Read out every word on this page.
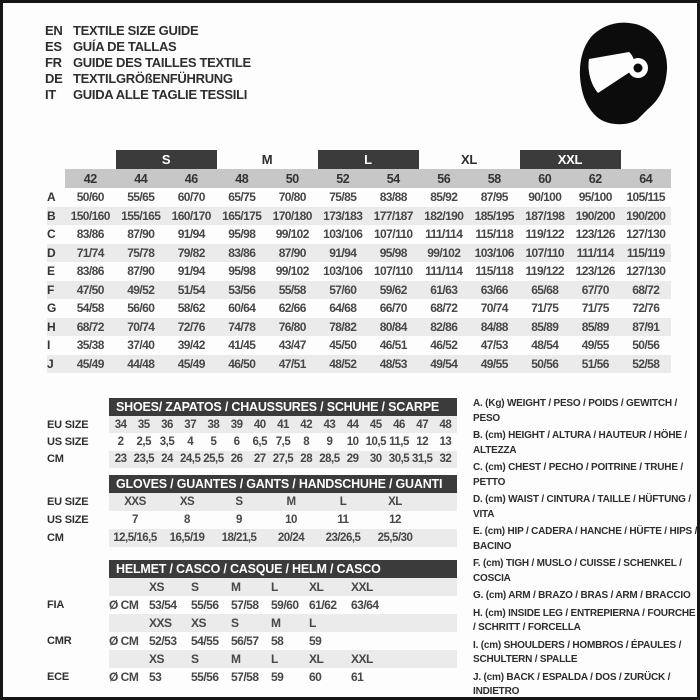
EN TEXTILE SIZE GUIDE
ES GUÍA DE TALLAS
FR GUIDE DES TAILLES TEXTILE
DE TEXTILGRÖßENFÜHRUNG
IT	GUIDA ALLE TAGLIE TESSILI
S	M	L	XL	XXL
42	44	46	48	50	52	54	56	58	60	62	64
A	50/60	55/65	60/70	65/75	70/80	75/85	83/88	85/92	87/95	90/100	95/100	105/115
B	150/160 155/165 160/170 165/175 170/180 173/183 177/187 182/190 185/195 187/198 190/200 190/200
C	83/86	87/90	91/94	95/98	99/102	103/106 107/110	111/114	115/118	119/122 123/126 127/130
D	71/74	75/78	79/82	83/86	87/90	91/94	95/98	99/102	103/106 107/110	111/114	115/119
E	83/86	87/90	91/94	95/98	99/102	103/106 107/110	111/114	115/118	119/122 123/126 127/130
F	47/50	49/52	51/54	53/56	55/58	57/60	59/62	61/63	63/66	65/68	67/70	68/72
G	54/58	56/60	58/62	60/64	62/66	64/68	66/70	68/72	70/74	71/75	71/75	72/76
H	68/72	70/74	72/76	74/78	76/80	78/82	80/84	82/86	84/88	85/89	85/89	87/91
I	35/38	37/40	39/42	41/45	43/47	45/50	46/51	46/52	47/53	48/54	49/55	50/56
J	45/49	44/48	45/49	46/50	47/51	48/52	48/53	49/54	49/55	50/56	51/56	52/58
SHOES/ ZAPATOS / CHAUSSURES / SCHUHE / SCARPE
EU SIZE	34 35 36 37 38 39 40 41 42 43 44 45 46 47 48
US SIZE	2	2,5 3,5	4	5	6	6,5 7,5	8	9	10 10,5 11,5 12 13
CM	23 23,5 24 24,5 25,5 26 27 27,5 28 28,5 29 30 30,5 31,5 32
GLOVES / GUANTES / GANTS / HANDSCHUHE / GUANTI
EU SIZE	XXS	XS	S	M	L	XL
US SIZE	7	8	9	10	11	12
CM	12,5/16,5	16,5/19	18/21,5	20/24	23/26,5	25,5/30
HELMET / CASCO / CASQUE / HELM / CASCO
XS	S	M	L	XL	XXL
FIA	Ø CM 53/54	55/56	57/58	59/60 61/62	63/64
XXS	XS	S	M	L
CMR	Ø CM 52/53	54/55	56/57	58	59
XS	S	M	L	XL	XXL
ECE	Ø CM 53	55/56	57/58	59	60	61
A. (Kg) WEIGHT / PESO / POIDS / GEWITCH / PESO
B. (cm) HEIGHT / ALTURA / HAUTEUR / HÖHE / ALTEZZA
C. (cm) CHEST / PECHO / POITRINE / TRUHE / PETTO
D. (cm) WAIST / CINTURA / TAILLE / HÜFTUNG / VITA
E. (cm) HIP / CADERA / HANCHE / HÜFTE / HIPS / BACINO
F. (cm) TIGH / MUSLO / CUISSE / SCHENKEL / COSCIA
G. (cm) ARM / BRAZO / BRAS / ARM / BRACCIO
H. (cm) INSIDE LEG / ENTREPIERNA / FOURCHE / SCHRITT / FORCELLA
I. (cm) SHOULDERS / HOMBROS / ÉPAULES / SCHULTERN / SPALLE
J. (cm) BACK / ESPALDA / DOS / ZURÜCK / INDIETRO
